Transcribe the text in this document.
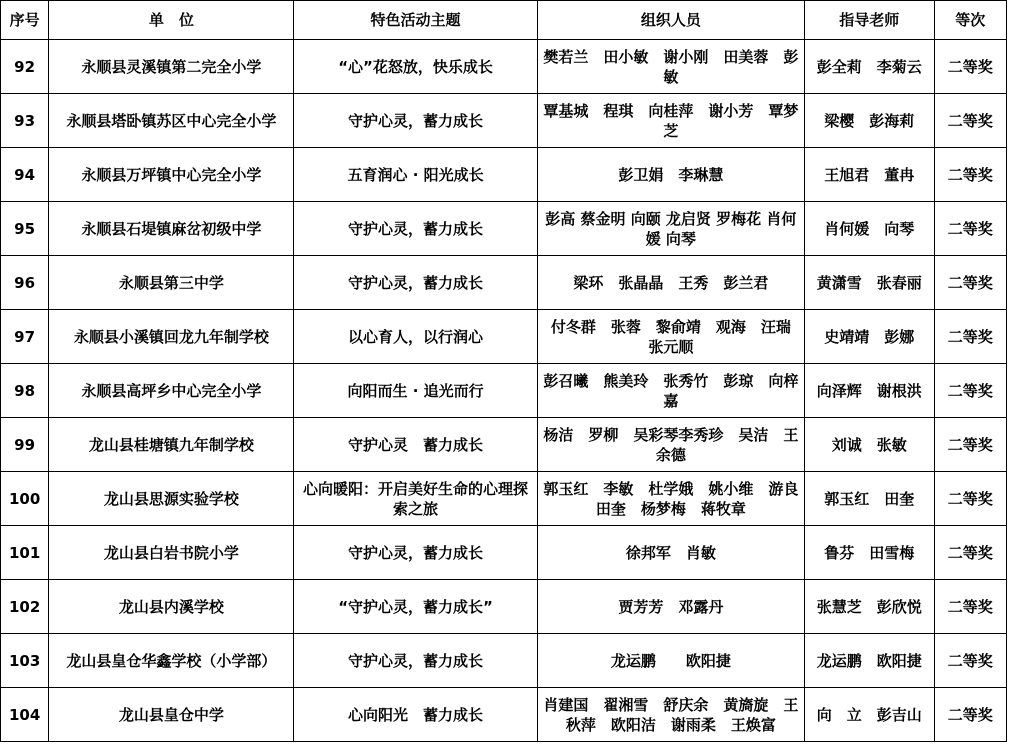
序号	单　位	特色活动主题	组织人员	指导老师	等次
92	永顺县灵溪镇第二完全小学	“心”花怒放，快乐成长	樊若兰　田小敏　谢小刚　田美蓉　彭敏	彭全莉　李菊云	二等奖
93	永顺县塔卧镇苏区中心完全小学	守护心灵，蓄力成长	覃基城　程琪　向桂萍　谢小芳　覃梦芝	梁樱　彭海莉	二等奖
94	永顺县万坪镇中心完全小学	五育润心 · 阳光成长	彭卫娟　李琳慧	王旭君　董冉	二等奖
95	永顺县石堤镇麻岔初级中学	守护心灵，蓄力成长	彭高 蔡金明 向颐 龙启贤 罗梅花 肖何媛 向琴	肖何媛　向琴	二等奖
96	永顺县第三中学	守护心灵，蓄力成长	梁环　张晶晶　王秀　彭兰君	黄潇雪　张春丽	二等奖
97	永顺县小溪镇回龙九年制学校	以心育人，以行润心	付冬群　张蓉　黎俞靖　观海　汪瑞　张元顺	史靖靖　彭娜	二等奖
98	永顺县高坪乡中心完全小学	向阳而生 · 追光而行	彭召曦　熊美玲　张秀竹　彭琼　向梓嘉	向泽辉　谢根洪	二等奖
99	龙山县桂塘镇九年制学校	守护心灵　蓄力成长	杨洁　罗柳　吴彩琴李秀珍　吴洁　王余德	刘诚　张敏	二等奖
100	龙山县思源实验学校	心向暖阳：开启美好生命的心理探索之旅	郭玉红　李敏　杜学娥　姚小维　游良　田奎　杨梦梅　蒋牧章	郭玉红　田奎	二等奖
101	龙山县白岩书院小学	守护心灵，蓄力成长	徐邦军　肖敏	鲁芬　田雪梅	二等奖
102	龙山县内溪学校	“守护心灵，蓄力成长”	贾芳芳　邓露丹	张慧芝　彭欣悦	二等奖
103	龙山县皇仓华鑫学校（小学部）	守护心灵，蓄力成长	龙运鹏　　欧阳捷	龙运鹏　欧阳捷	二等奖
104	龙山县皇仓中学	心向阳光　蓄力成长	肖建国　翟湘雪　舒庆余　黄旖旋　王秋萍　欧阳洁　谢雨柔　王焕富	向　立　彭吉山	二等奖
